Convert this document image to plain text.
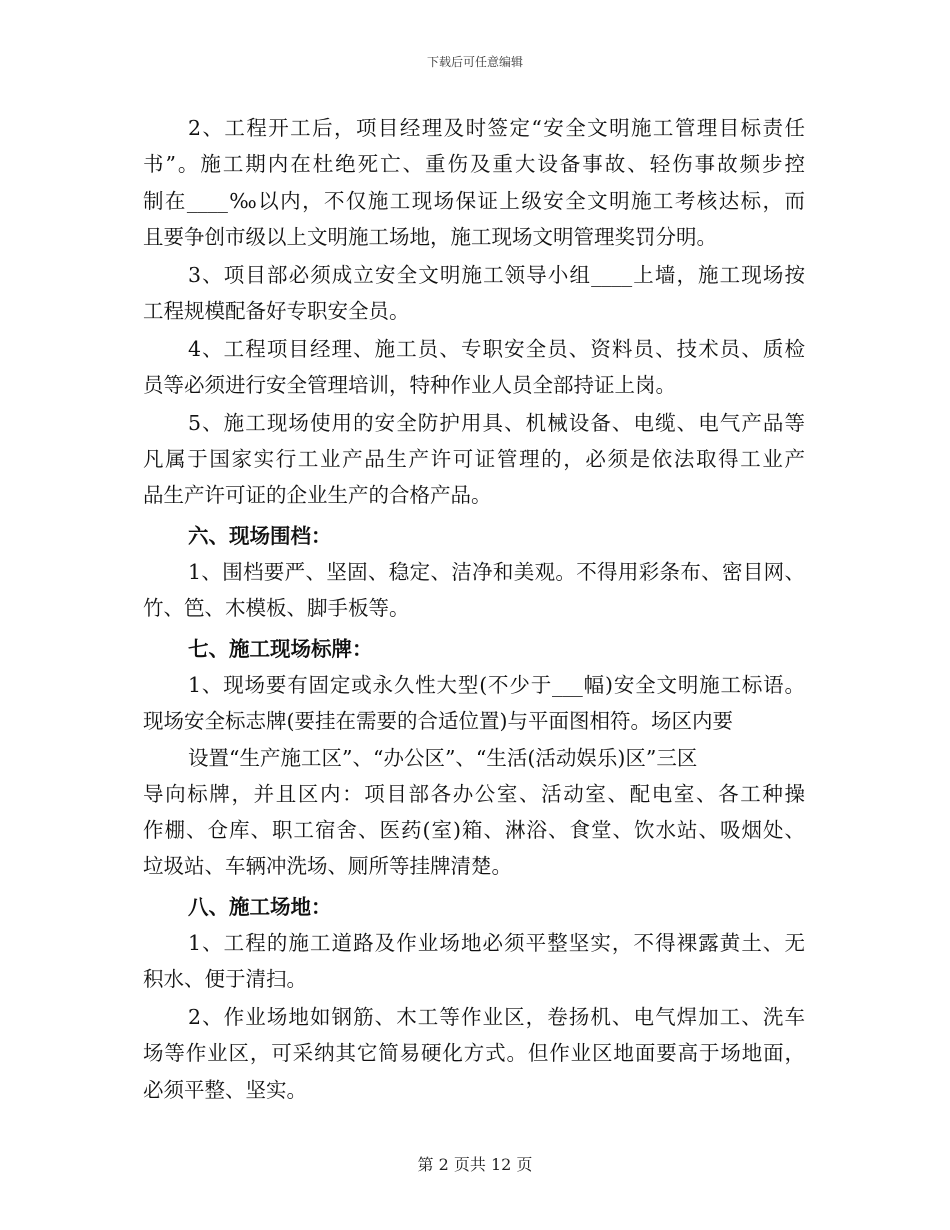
下载后可任意编辑
2、工程开工后，项目经理及时签定“安全文明施工管理目标责任
书”。施工期内在杜绝死亡、重伤及重大设备事故、轻伤事故频步控
制在____‰以内，不仅施工现场保证上级安全文明施工考核达标，而
且要争创市级以上文明施工场地，施工现场文明管理奖罚分明。
3、项目部必须成立安全文明施工领导小组____上墙，施工现场按
工程规模配备好专职安全员。
4、工程项目经理、施工员、专职安全员、资料员、技术员、质检
员等必须进行安全管理培训，特种作业人员全部持证上岗。
5、施工现场使用的安全防护用具、机械设备、电缆、电气产品等
凡属于国家实行工业产品生产许可证管理的，必须是依法取得工业产
品生产许可证的企业生产的合格产品。
六、现场围档：
1、围档要严、坚固、稳定、洁净和美观。不得用彩条布、密目网、
竹、笆、木模板、脚手板等。
七、施工现场标牌：
1、现场要有固定或永久性大型(不少于___幅)安全文明施工标语。
现场安全标志牌(要挂在需要的合适位置)与平面图相符。场区内要
设置“生产施工区”、“办公区”、“生活(活动娱乐)区”三区
导向标牌，并且区内：项目部各办公室、活动室、配电室、各工种操
作棚、仓库、职工宿舍、医药(室)箱、淋浴、食堂、饮水站、吸烟处、
垃圾站、车辆冲洗场、厕所等挂牌清楚。
八、施工场地：
1、工程的施工道路及作业场地必须平整坚实，不得裸露黄土、无
积水、便于清扫。
2、作业场地如钢筋、木工等作业区，卷扬机、电气焊加工、洗车
场等作业区，可采纳其它简易硬化方式。但作业区地面要高于场地面，
必须平整、坚实。
第 2 页共 12 页
